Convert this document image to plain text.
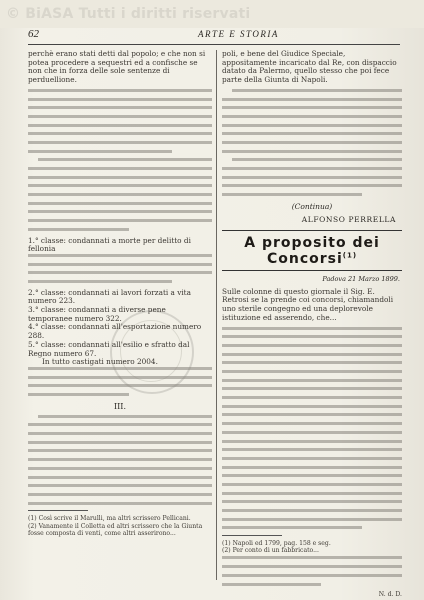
© BiASA Tutti i diritti riservati
62	ARTE E STORIA

perchè erano stati detti dal popolo; e che non si potea procedere a sequestri ed a confische se non che in forza delle sole sentenze di perduellione.

1.° classe: condannati a morte per delitto di fellonia

2.° classe: condannati ai lavori forzati a vita numero 223.

3.° classe: condannati a diverse pene temporanee numero 322.

4.° classe: condannati all'esportazione numero 288.

5.° classe: condannati all'esilio e sfratto dal Regno numero 67.

In tutto castigati numero 2004.

III.

(1) Così scrive il Marulli, ma altri scrissero Pellicani.

(2) Vanamente il Colletta ed altri scrissero che la Giunta fosse composta di venti, come altri asserirono...

poli, e bene del Giudice Speciale, appositamente incaricato dal Re, con dispaccio datato da Palermo, quello stesso che poi fece parte della Giunta di Napoli.

(Continua)
ALFONSO PERRELLA
A proposito dei Concorsi$^{(1)}$
Padova 21 Marzo 1899.

Sulle colonne di questo giornale il Sig. E. Retrosi se la prende coi concorsi, chiamandoli uno sterile congegno ed una deplorevole istituzione ed asserendo, che...

(1) Napoli ed 1799, pag. 158 e seg.

(2) Per conto di un fabbricato...

N. d. D.
